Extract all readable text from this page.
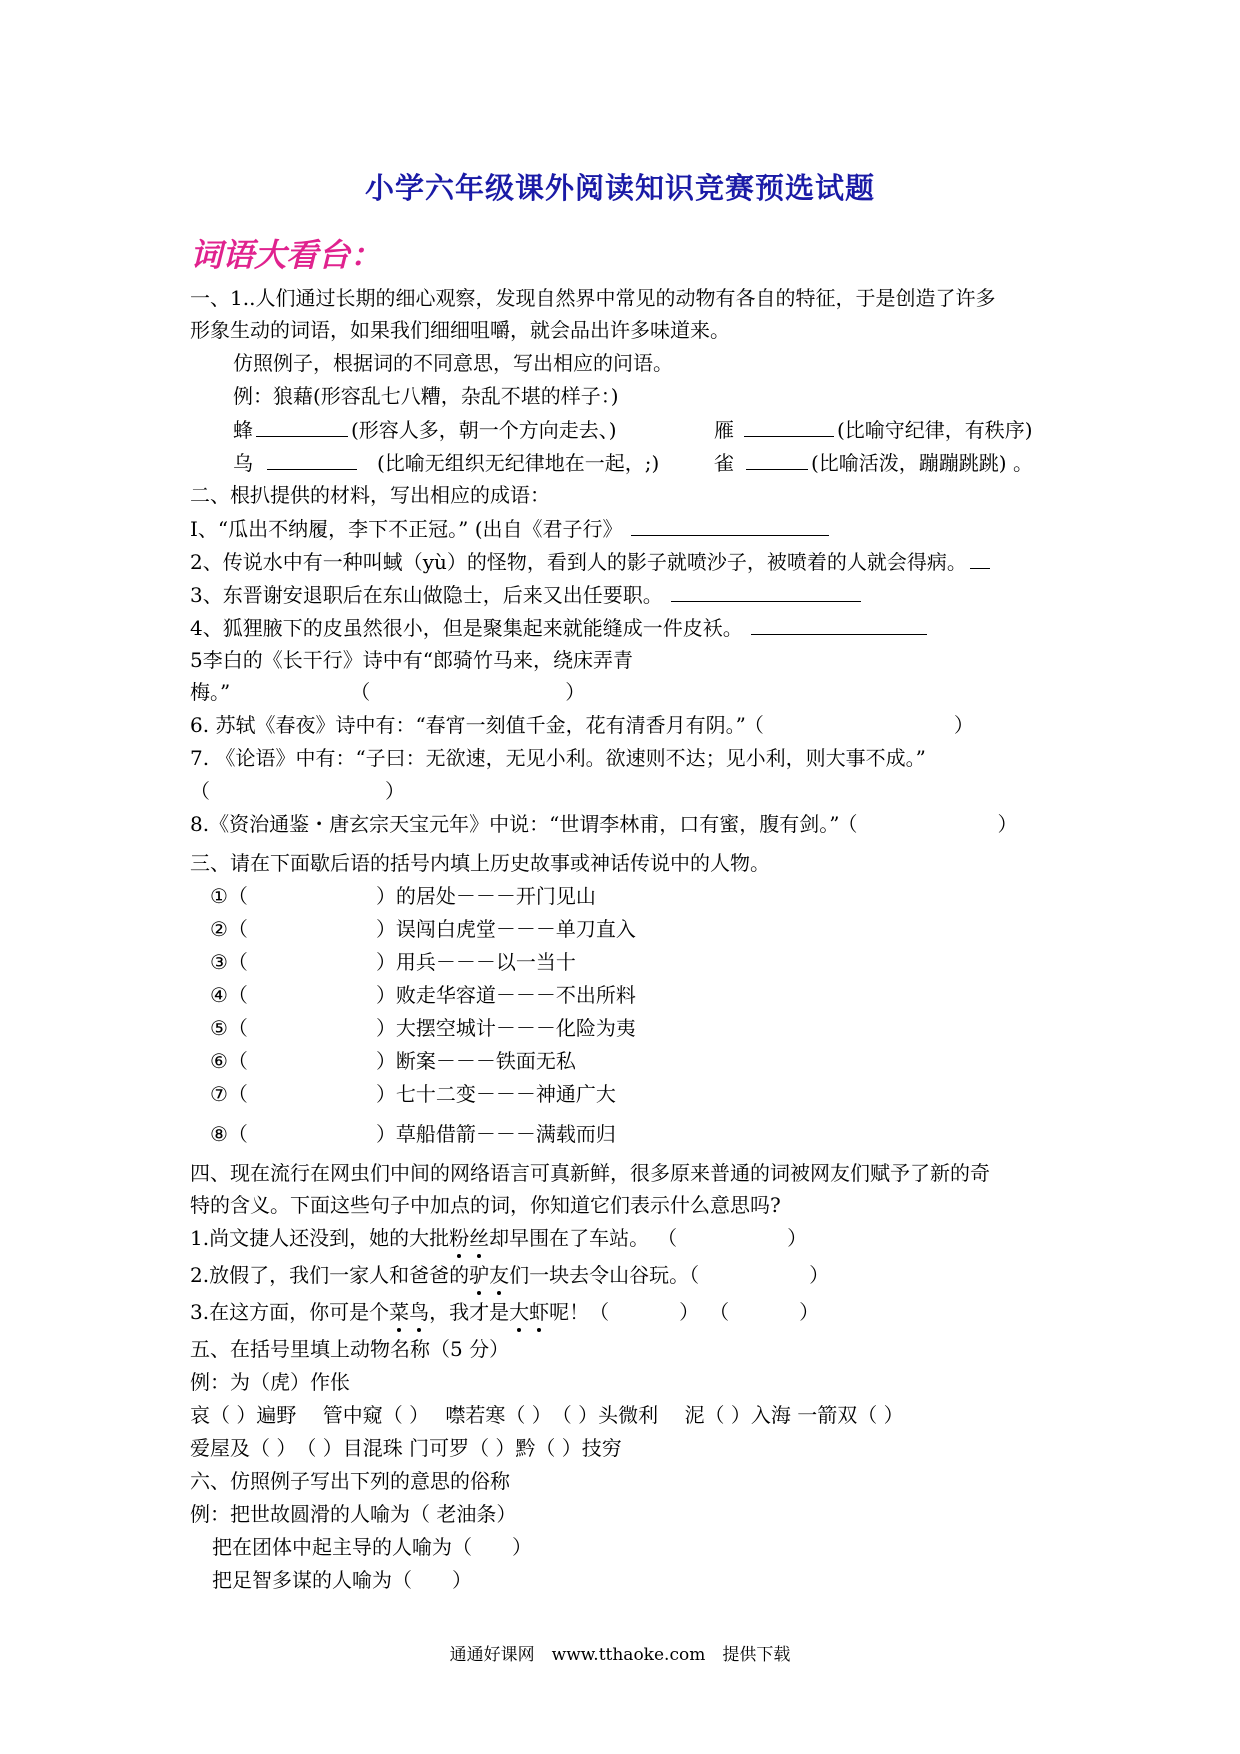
小学六年级课外阅读知识竞赛预选试题
词语大看台：
一、1..人们通过长期的细心观察，发现自然界中常见的动物有各自的特征，于是创造了许多
形象生动的词语，如果我们细细咀嚼，就会品出许多味道来。
仿照例子，根据词的不同意思，写出相应的问语。
例：狼藉(形容乱七八糟，杂乱不堪的样子：)
蜂	(形容人多，朝一个方向走去、)	雁	(比喻守纪律，有秩序)
乌	(比喻无组织无纪律地在一起，;)	雀	(比喻活泼，蹦蹦跳跳) 。
二、根扒提供的材料，写出相应的成语：
I、“瓜出不纳履，李下不正冠。” (出自《君子行》
2、传说水中有一种叫蜮（yù）的怪物，看到人的影子就喷沙子，被喷着的人就会得病。
3、东晋谢安退职后在东山做隐士，后来又出任要职。
4、狐狸腋下的皮虽然很小，但是聚集起来就能缝成一件皮袄。
5李白的《长干行》诗中有“郎骑竹马来，绕床弄青
梅。”	（	）
6. 苏轼《春夜》诗中有：“春宵一刻值千金，花有清香月有阴。” （	）
7. 《论语》中有：“子曰：无欲速，无见小利。欲速则不达；见小利，则大事不成。”
（	）
8.《资治通鉴・唐玄宗天宝元年》中说：“世谓李林甫，口有蜜，腹有剑。” （	）
三、请在下面歇后语的括号内填上历史故事或神话传说中的人物。
①（	）的居处－－－开门见山
②（	）误闯白虎堂－－－单刀直入
③（	）用兵－－－以一当十
④（	）败走华容道－－－不出所料
⑤（	）大摆空城计－－－化险为夷
⑥（	）断案－－－铁面无私
⑦（	）七十二变－－－神通广大
⑧（	）草船借箭－－－满载而归
四、现在流行在网虫们中间的网络语言可真新鲜，很多原来普通的词被网友们赋予了新的奇
特的含义。下面这些句子中加点的词，你知道它们表示什么意思吗?
1.尚文捷人还没到，她的大批粉丝却早围在了车站。 （	）
2.放假了，我们一家人和爸爸的驴友们一块去令山谷玩。（	）
3.在这方面，你可是个菜鸟，我才是大虾呢！（	） （	）
五、在括号里填上动物名称（5 分）
例：为（虎）作伥
哀（ ）遍野　 管中窥（ ）　 噤若寒（ ）　（ ）头微利　 泥（ ）入海 一箭双（ ）
爱屋及（ ）　（ ）目混珠 门可罗（ ）黔（ ）技穷
六、仿照例子写出下列的意思的俗称
例：把世故圆滑的人喻为（ 老油条）
把在团体中起主导的人喻为（　　）
把足智多谋的人喻为（　　）
通通好课网　www.tthaoke.com　提供下载
